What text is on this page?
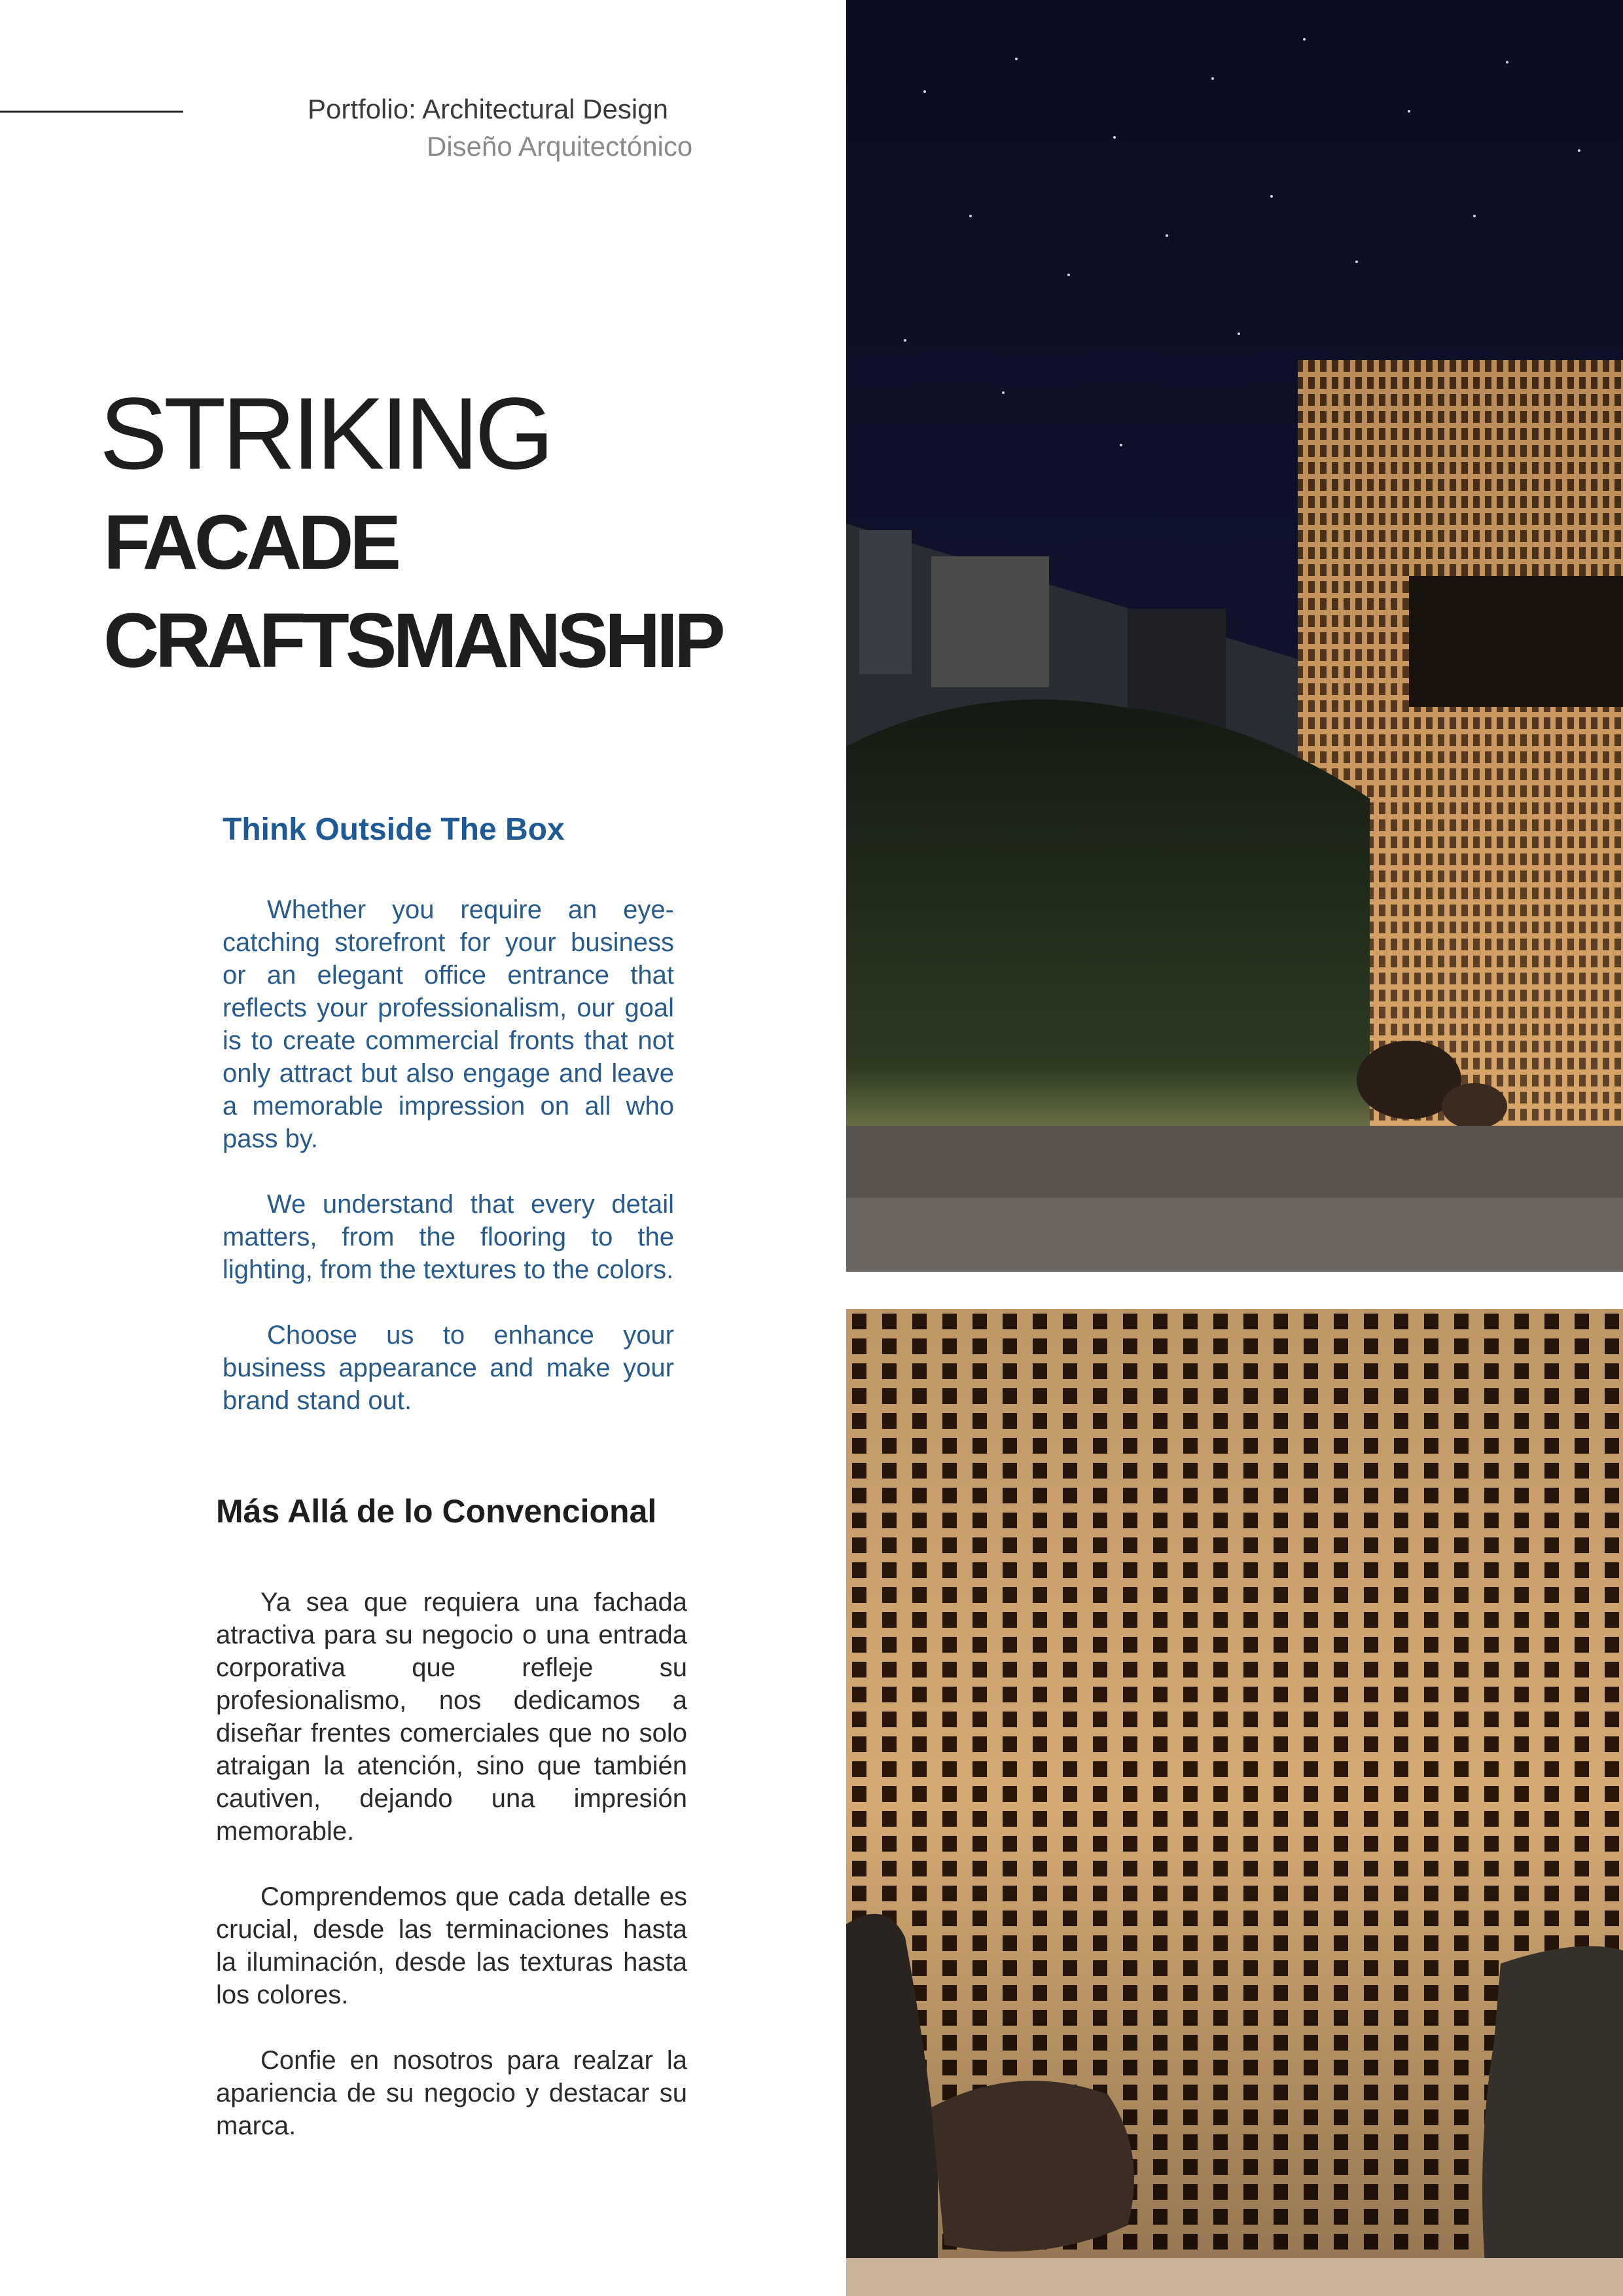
Portfolio: Architectural Design
Diseño Arquitectónico
STRIKING
FACADE
CRAFTSMANSHIP
Think Outside The Box

Whether you require an eye-catching storefront for your business or an elegant office entrance that reflects your professionalism, our goal is to create commercial fronts that not only attract but also engage and leave a memorable impression on all who pass by.

We understand that every detail matters, from the flooring to the lighting, from the textures to the colors.

Choose us to enhance your business appearance and make your brand stand out.

Más Allá de lo Convencional

Ya sea que requiera una fachada atractiva para su negocio o una entrada corporativa que refleje su profesionalismo, nos dedicamos a diseñar frentes comerciales que no solo atraigan la atención, sino que también cautiven, dejando una impresión memorable.

Comprendemos que cada detalle es crucial, desde las terminaciones hasta la iluminación, desde las texturas hasta los colores.

Confie en nosotros para realzar la apariencia de su negocio y destacar su marca.
